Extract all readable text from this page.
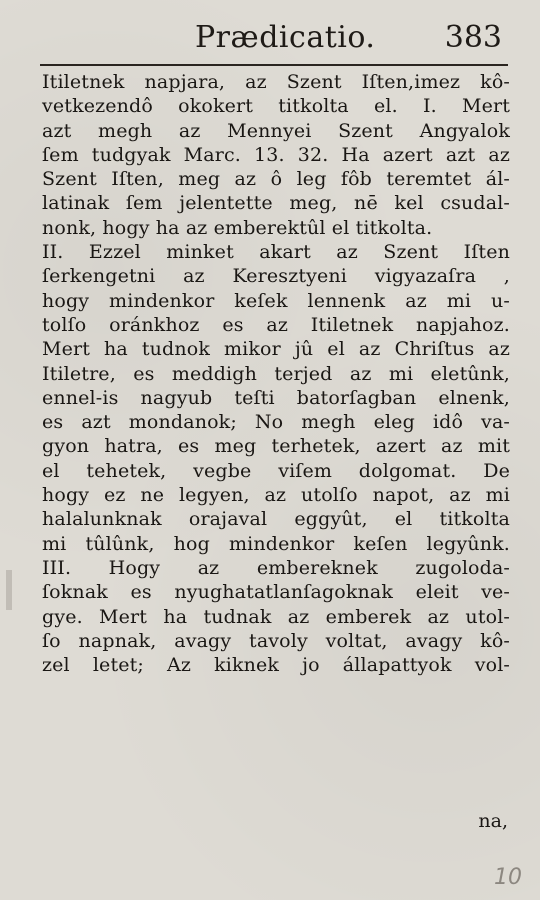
Prædicatio. 383
Itiletnek napjara, az Szent Iſten,imez kô-
vetkezendô okokert titkolta el. I. Mert
azt megh az Mennyei Szent Angyalok
ſem tudgyak Marc. 13. 32. Ha azert azt az
Szent Iſten, meg az ô leg fôb teremtet ál-
latinak ſem jelentette meg, nē kel csudal-
nonk, hogy ha az emberektûl el titkolta.
II. Ezzel minket akart az Szent Iſten
ſerkengetni az Keresztyeni vigyazaſra ,
hogy mindenkor keſek lennenk az mi u-
tolſo oránkhoz es az Itiletnek napjahoz.
Mert ha tudnok mikor jû el az Chriſtus az
Itiletre, es meddigh terjed az mi eletûnk,
ennel-is nagyub teſti batorſagban elnenk,
es azt mondanok; No megh eleg idô va-
gyon hatra, es meg terhetek, azert az mit
el tehetek, vegbe viſem dolgomat. De
hogy ez ne legyen, az utolſo napot, az mi
halalunknak orajaval eggyût, el titkolta
mi tûlûnk, hog mindenkor keſen legyûnk.
III. Hogy az embereknek zugoloda-
ſoknak es nyughatatlanſagoknak eleit ve-
gye. Mert ha tudnak az emberek az utol-
ſo napnak, avagy tavoly voltat, avagy kô-
zel letet; Az kiknek jo állapattyok vol-
na,
10
